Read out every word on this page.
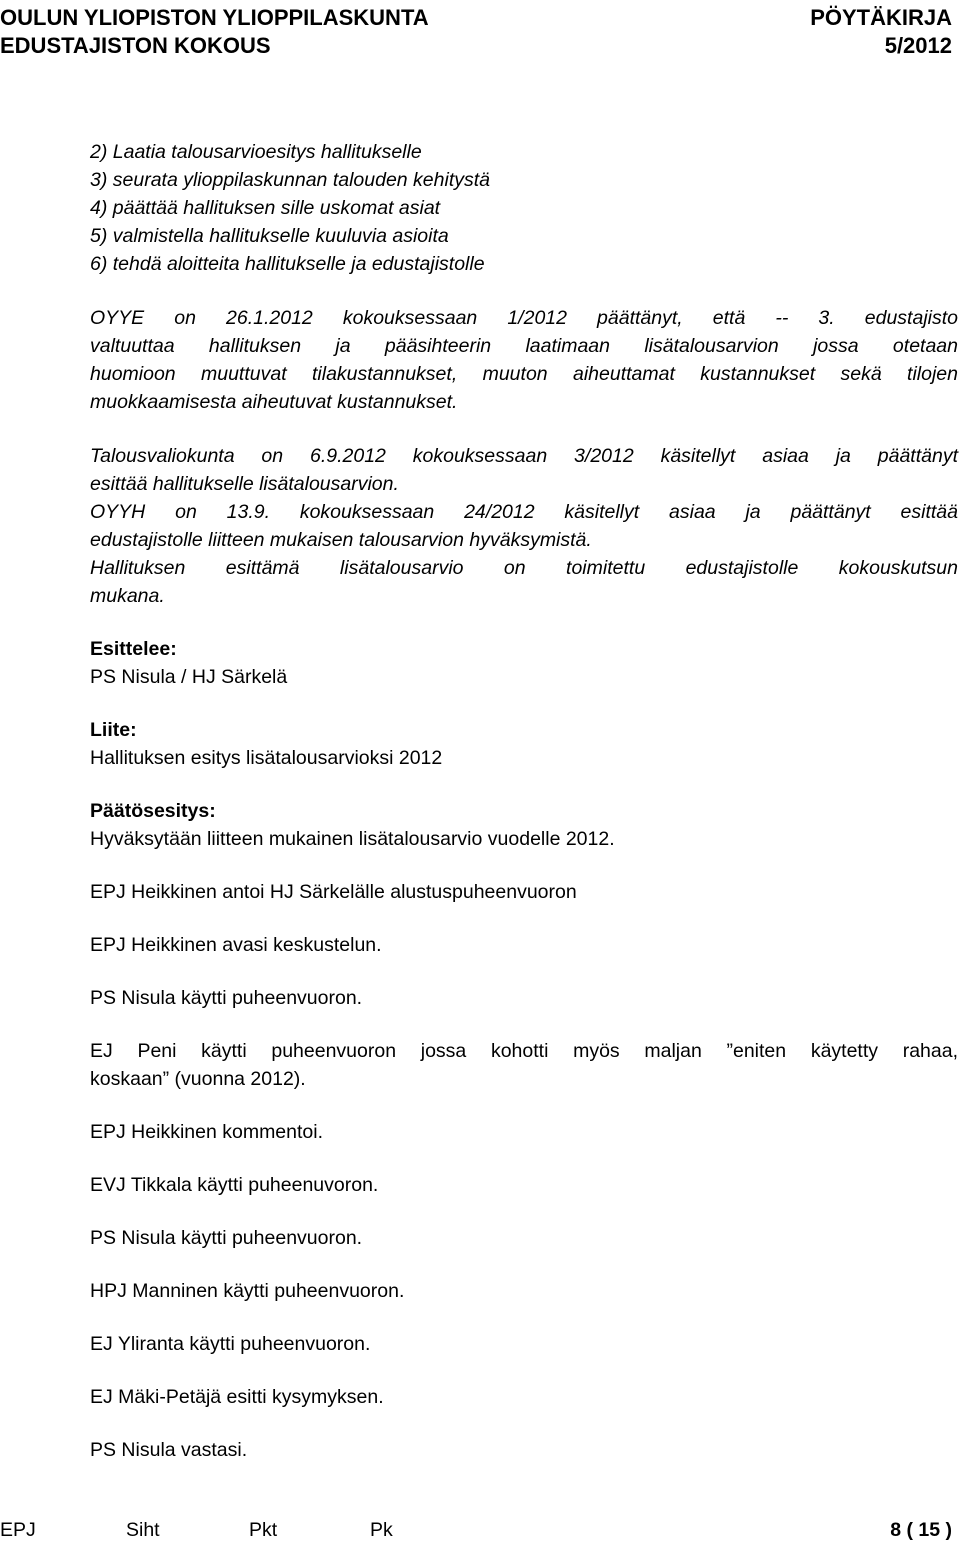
OULUN YLIOPISTON YLIOPPILASKUNTA	PÖYTÄKIRJA
EDUSTAJISTON KOKOUS	5/2012
2) Laatia talousarvioesitys hallitukselle
3) seurata ylioppilaskunnan talouden kehitystä
4) päättää hallituksen sille uskomat asiat
5) valmistella hallitukselle kuuluvia asioita
6) tehdä aloitteita hallitukselle ja edustajistolle
OYYE on 26.1.2012 kokouksessaan 1/2012 päättänyt, että -- 3. edustajisto
valtuuttaa hallituksen ja pääsihteerin laatimaan lisätalousarvion jossa otetaan
huomioon muuttuvat tilakustannukset, muuton aiheuttamat kustannukset sekä tilojen
muokkaamisesta aiheutuvat kustannukset.
Talousvaliokunta on 6.9.2012 kokouksessaan 3/2012 käsitellyt asiaa ja päättänyt
esittää hallitukselle lisätalousarvion.
OYYH on 13.9. kokouksessaan 24/2012 käsitellyt asiaa ja päättänyt esittää
edustajistolle liitteen mukaisen talousarvion hyväksymistä.
Hallituksen esittämä lisätalousarvio on toimitettu edustajistolle kokouskutsun
mukana.
Esittelee:
PS Nisula / HJ Särkelä
Liite:
Hallituksen esitys lisätalousarvioksi 2012
Päätösesitys:
Hyväksytään liitteen mukainen lisätalousarvio vuodelle 2012.
EPJ Heikkinen antoi HJ Särkelälle alustuspuheenvuoron
EPJ Heikkinen avasi keskustelun.
PS Nisula käytti puheenvuoron.
EJ Peni käytti puheenvuoron jossa kohotti myös maljan ”eniten käytetty rahaa,
koskaan” (vuonna 2012).
EPJ Heikkinen kommentoi.
EVJ Tikkala käytti puheenuvoron.
PS Nisula käytti puheenvuoron.
HPJ Manninen käytti puheenvuoron.
EJ Yliranta käytti puheenvuoron.
EJ Mäki-Petäjä esitti kysymyksen.
PS Nisula vastasi.
EPJ	Siht	Pkt	Pk	8 ( 15 )
